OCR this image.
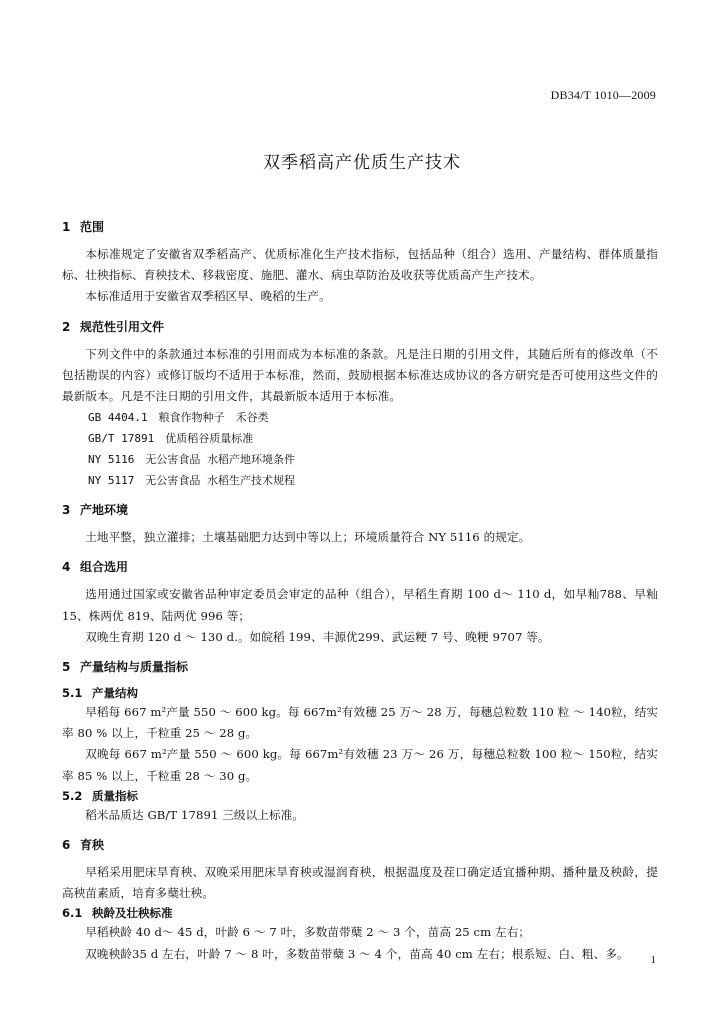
DB34/T 1010—2009
双季稻高产优质生产技术
1 范围

本标准规定了安徽省双季稻高产、优质标准化生产技术指标，包括品种（组合）选用、产量结构、群体质量指标、壮秧指标、育秧技术、移栽密度、施肥、灌水、病虫草防治及收获等优质高产生产技术。

本标准适用于安徽省双季稻区早、晚稻的生产。

2 规范性引用文件

下列文件中的条款通过本标准的引用而成为本标准的条款。凡是注日期的引用文件，其随后所有的修改单（不包括勘误的内容）或修订版均不适用于本标准，然而，鼓励根据本标准达成协议的各方研究是否可使用这些文件的最新版本。凡是不注日期的引用文件，其最新版本适用于本标准。

GB 4404.1　粮食作物种子　禾谷类
GB/T 17891　优质稻谷质量标准
NY 5116　无公害食品 水稻产地环境条件
NY 5117　无公害食品 水稻生产技术规程
3 产地环境

土地平整，独立灌排；土壤基础肥力达到中等以上；环境质量符合 NY 5116 的规定。

4 组合选用

选用通过国家或安徽省品种审定委员会审定的品种（组合），早稻生育期 100 d～ 110 d，如早籼788、早籼 15、株两优 819、陆两优 996 等；

双晚生育期 120 d ～ 130 d.。如皖稻 199、丰源优299、武运粳 7 号、晚粳 9707 等。

5 产量结构与质量指标
5.1 产量结构

早稻每 667 m²产量 550 ～ 600 kg。每 667m²有效穗 25 万～ 28 万，每穗总粒数 110 粒 ～ 140粒，结实率 80 % 以上，千粒重 25 ～ 28 g。

双晚每 667 m²产量 550 ～ 600 kg。每 667m²有效穗 23 万～ 26 万，每穗总粒数 100 粒～ 150粒，结实率 85 % 以上，千粒重 28 ～ 30 g。

5.2 质量指标

稻米品质达 GB/T 17891 三级以上标准。

6 育秧

早稻采用肥床旱育秧、双晚采用肥床旱育秧或湿润育秧，根据温度及茬口确定适宜播种期、播种量及秧龄，提高秧苗素质，培育多蘖壮秧。

6.1 秧龄及壮秧标准

早稻秧龄 40 d～ 45 d，叶龄 6 ～ 7 叶，多数苗带蘖 2 ～ 3 个，苗高 25 cm 左右；

双晚秧龄35 d 左右，叶龄 7 ～ 8 叶，多数苗带蘖 3 ～ 4 个，苗高 40 cm 左右；根系短、白、粗、多。	1
